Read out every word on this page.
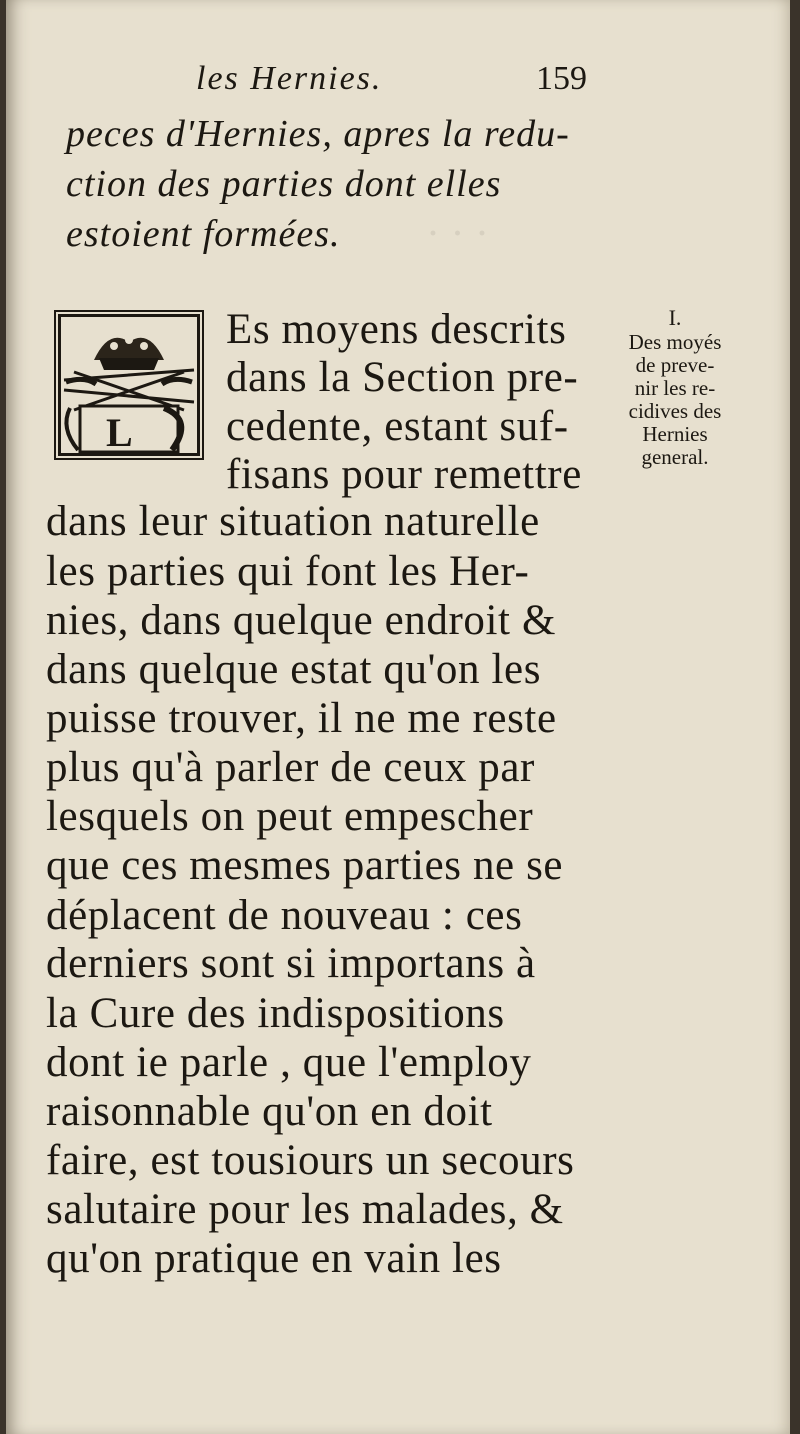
· · ·
les Hernies.	159
peces d'Hernies, apres la redu-
ction des parties dont elles
estoient formées.
L
Es moyens descrits
dans la Section pre-
cedente, estant suf-
fisans pour remettre
dans leur situation naturelle
les parties qui font les Her-
nies, dans quelque endroit &
dans quelque estat qu'on les
puisse trouver, il ne me reste
plus qu'à parler de ceux par
lesquels on peut empescher
que ces mesmes parties ne se
déplacent de nouveau : ces
derniers sont si importans à
la Cure des indispositions
dont ie parle , que l'employ
raisonnable qu'on en doit
faire, est tousiours un secours
salutaire pour les malades, &
qu'on pratique en vain les
I.
Des moyés
de preve-
nir les re-
cidives des
Hernies
general.
